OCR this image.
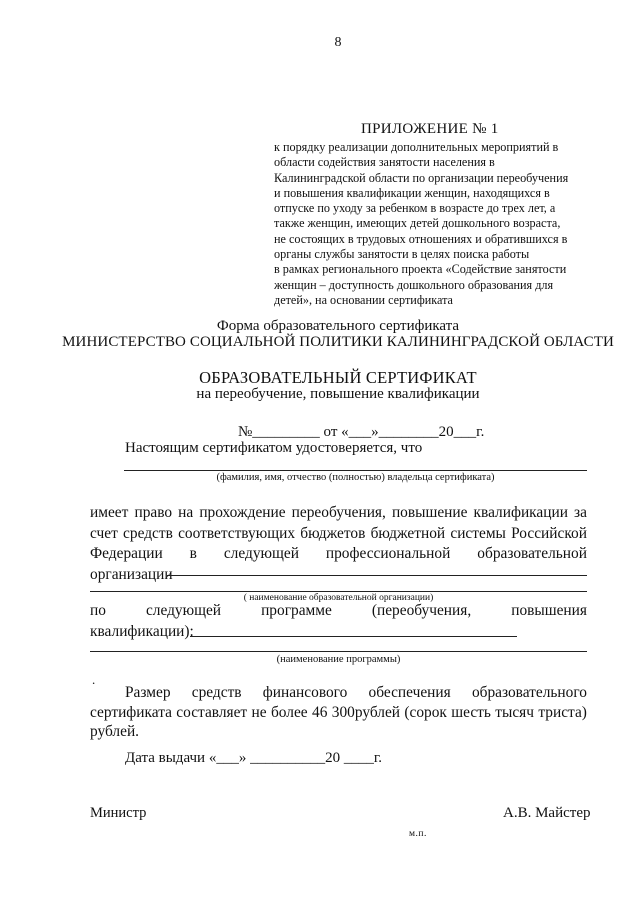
8
ПРИЛОЖЕНИЕ № 1
к порядку реализации дополнительных мероприятий в
области содействия занятости населения в
Калининградской области по организации переобучения
и повышения квалификации женщин, находящихся в
отпуске по уходу за ребенком в возрасте до трех лет, а
также женщин, имеющих детей дошкольного возраста,
не состоящих в трудовых отношениях и обратившихся в
органы службы занятости в целях поиска работы
в рамках регионального проекта «Содействие занятости
женщин – доступность дошкольного образования для
детей», на основании сертификата
Форма образовательного сертификата
МИНИСТЕРСТВО СОЦИАЛЬНОЙ ПОЛИТИКИ КАЛИНИНГРАДСКОЙ ОБЛАСТИ
ОБРАЗОВАТЕЛЬНЫЙ СЕРТИФИКАТ
на переобучение, повышение квалификации
№_________ от «___»________20___г.
Настоящим сертификатом удостоверяется, что
(фамилия, имя, отчество (полностью) владельца сертификата)
имеет право на прохождение переобучения, повышение квалификации за
счет средств соответствующих бюджетов бюджетной системы Российской
Федерации в следующей профессиональной образовательной
организации
( наименование образовательной организации)
по	следующей	программе	(переобучения,	повышения
квалификации):
(наименование программы)
.
Размер средств финансового обеспечения образовательного
сертификата составляет не более 46 300рублей (сорок шесть тысяч триста)
рублей.
Дата выдачи «___» __________20 ____г.
Министр	А.В. Майстер
м.п.
